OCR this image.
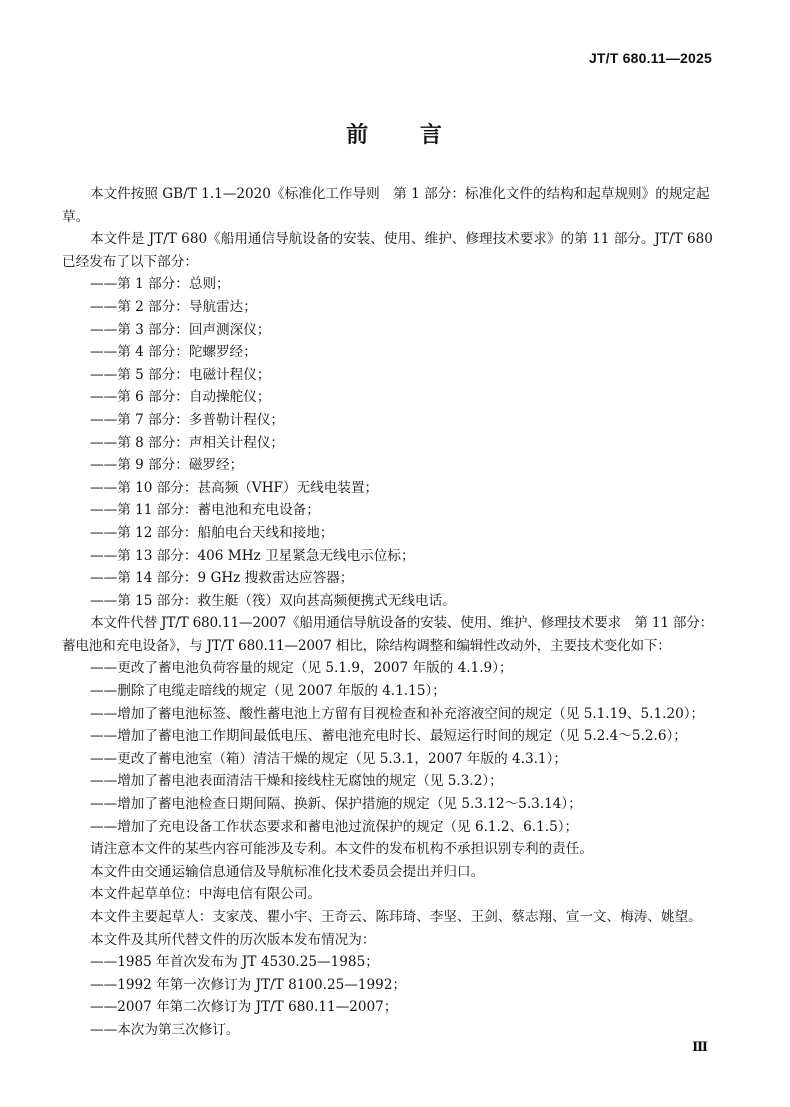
JT/T 680.11—2025
前 言

本文件按照 GB/T 1.1—2020《标准化工作导则　第 1 部分：标准化文件的结构和起草规则》的规定起草。

本文件是 JT/T 680《船用通信导航设备的安装、使用、维护、修理技术要求》的第 11 部分。JT/T 680 已经发布了以下部分：

——第 1 部分：总则；

——第 2 部分：导航雷达；

——第 3 部分：回声测深仪；

——第 4 部分：陀螺罗经；

——第 5 部分：电磁计程仪；

——第 6 部分：自动操舵仪；

——第 7 部分：多普勒计程仪；

——第 8 部分：声相关计程仪；

——第 9 部分：磁罗经；

——第 10 部分：甚高频（VHF）无线电装置；

——第 11 部分：蓄电池和充电设备；

——第 12 部分：船舶电台天线和接地；

——第 13 部分：406 MHz 卫星紧急无线电示位标；

——第 14 部分：9 GHz 搜救雷达应答器；

——第 15 部分：救生艇（筏）双向甚高频便携式无线电话。

本文件代替 JT/T 680.11—2007《船用通信导航设备的安装、使用、维护、修理技术要求　第 11 部分：蓄电池和充电设备》，与 JT/T 680.11—2007 相比，除结构调整和编辑性改动外，主要技术变化如下：

——更改了蓄电池负荷容量的规定（见 5.1.9，2007 年版的 4.1.9）；

——删除了电缆走暗线的规定（见 2007 年版的 4.1.15）；

——增加了蓄电池标签、酸性蓄电池上方留有目视检查和补充溶液空间的规定（见 5.1.19、5.1.20）；

——增加了蓄电池工作期间最低电压、蓄电池充电时长、最短运行时间的规定（见 5.2.4～5.2.6）；

——更改了蓄电池室（箱）清洁干燥的规定（见 5.3.1，2007 年版的 4.3.1）；

——增加了蓄电池表面清洁干燥和接线柱无腐蚀的规定（见 5.3.2）；

——增加了蓄电池检查日期间隔、换新、保护措施的规定（见 5.3.12～5.3.14）；

——增加了充电设备工作状态要求和蓄电池过流保护的规定（见 6.1.2、6.1.5）；

请注意本文件的某些内容可能涉及专利。本文件的发布机构不承担识别专利的责任。

本文件由交通运输信息通信及导航标准化技术委员会提出并归口。

本文件起草单位：中海电信有限公司。

本文件主要起草人：支家茂、瞿小宇、王奇云、陈玮琦、李坚、王剑、蔡志翔、宣一文、梅涛、姚望。

本文件及其所代替文件的历次版本发布情况为：

——1985 年首次发布为 JT 4530.25—1985；

——1992 年第一次修订为 JT/T 8100.25—1992；

——2007 年第二次修订为 JT/T 680.11—2007；

——本次为第三次修订。

Ⅲ
